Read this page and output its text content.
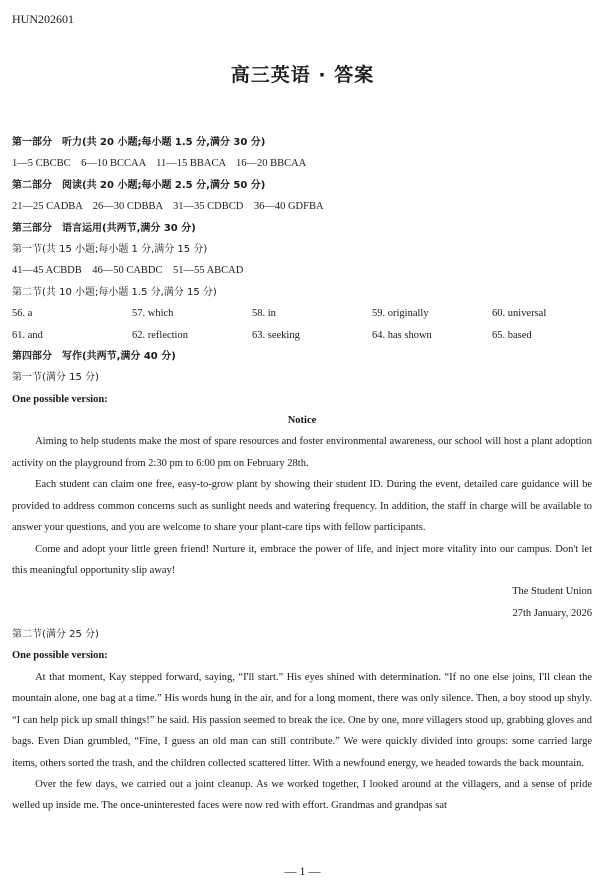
HUN202601
高三英语 · 答案
第一部分　听力(共 20 小题;每小题 1.5 分,满分 30 分)
1—5 CBCBC　6—10 BCCAA　11—15 BBACA　16—20 BBCAA
第二部分　阅读(共 20 小题;每小题 2.5 分,满分 50 分)
21—25 CADBA　26—30 CDBBA　31—35 CDBCD　36—40 GDFBA
第三部分　语言运用(共两节,满分 30 分)
第一节(共 15 小题;每小题 1 分,满分 15 分)
41—45 ACBDB　46—50 CABDC　51—55 ABCAD
第二节(共 10 小题;每小题 1.5 分,满分 15 分)
56. a	57. which	58. in	59. originally	60. universal
61. and	62. reflection	63. seeking	64. has shown	65. based
第四部分　写作(共两节,满分 40 分)
第一节(满分 15 分)
One possible version:
Notice

Aiming to help students make the most of spare resources and foster environmental awareness, our school will host a plant adoption activity on the playground from 2:30 pm to 6:00 pm on February 28th.

Each student can claim one free, easy-to-grow plant by showing their student ID. During the event, detailed care guidance will be provided to address common concerns such as sunlight needs and watering frequency. In addition, the staff in charge will be available to answer your questions, and you are welcome to share your plant-care tips with fellow participants.

Come and adopt your little green friend! Nurture it, embrace the power of life, and inject more vitality into our campus. Don't let this meaningful opportunity slip away!

The Student Union
27th January, 2026
第二节(满分 25 分)
One possible version:

At that moment, Kay stepped forward, saying, “I'll start.” His eyes shined with determination. “If no one else joins, I'll clean the mountain alone, one bag at a time.” His words hung in the air, and for a long moment, there was only silence. Then, a boy stood up shyly. “I can help pick up small things!” he said. His passion seemed to break the ice. One by one, more villagers stood up, grabbing gloves and bags. Even Dian grumbled, “Fine, I guess an old man can still contribute.” We were quickly divided into groups: some carried large items, others sorted the trash, and the children collected scattered litter. With a newfound energy, we headed towards the back mountain.

Over the few days, we carried out a joint cleanup. As we worked together, I looked around at the villagers, and a sense of pride welled up inside me. The once-uninterested faces were now red with effort. Grandmas and grandpas sat

— 1 —
